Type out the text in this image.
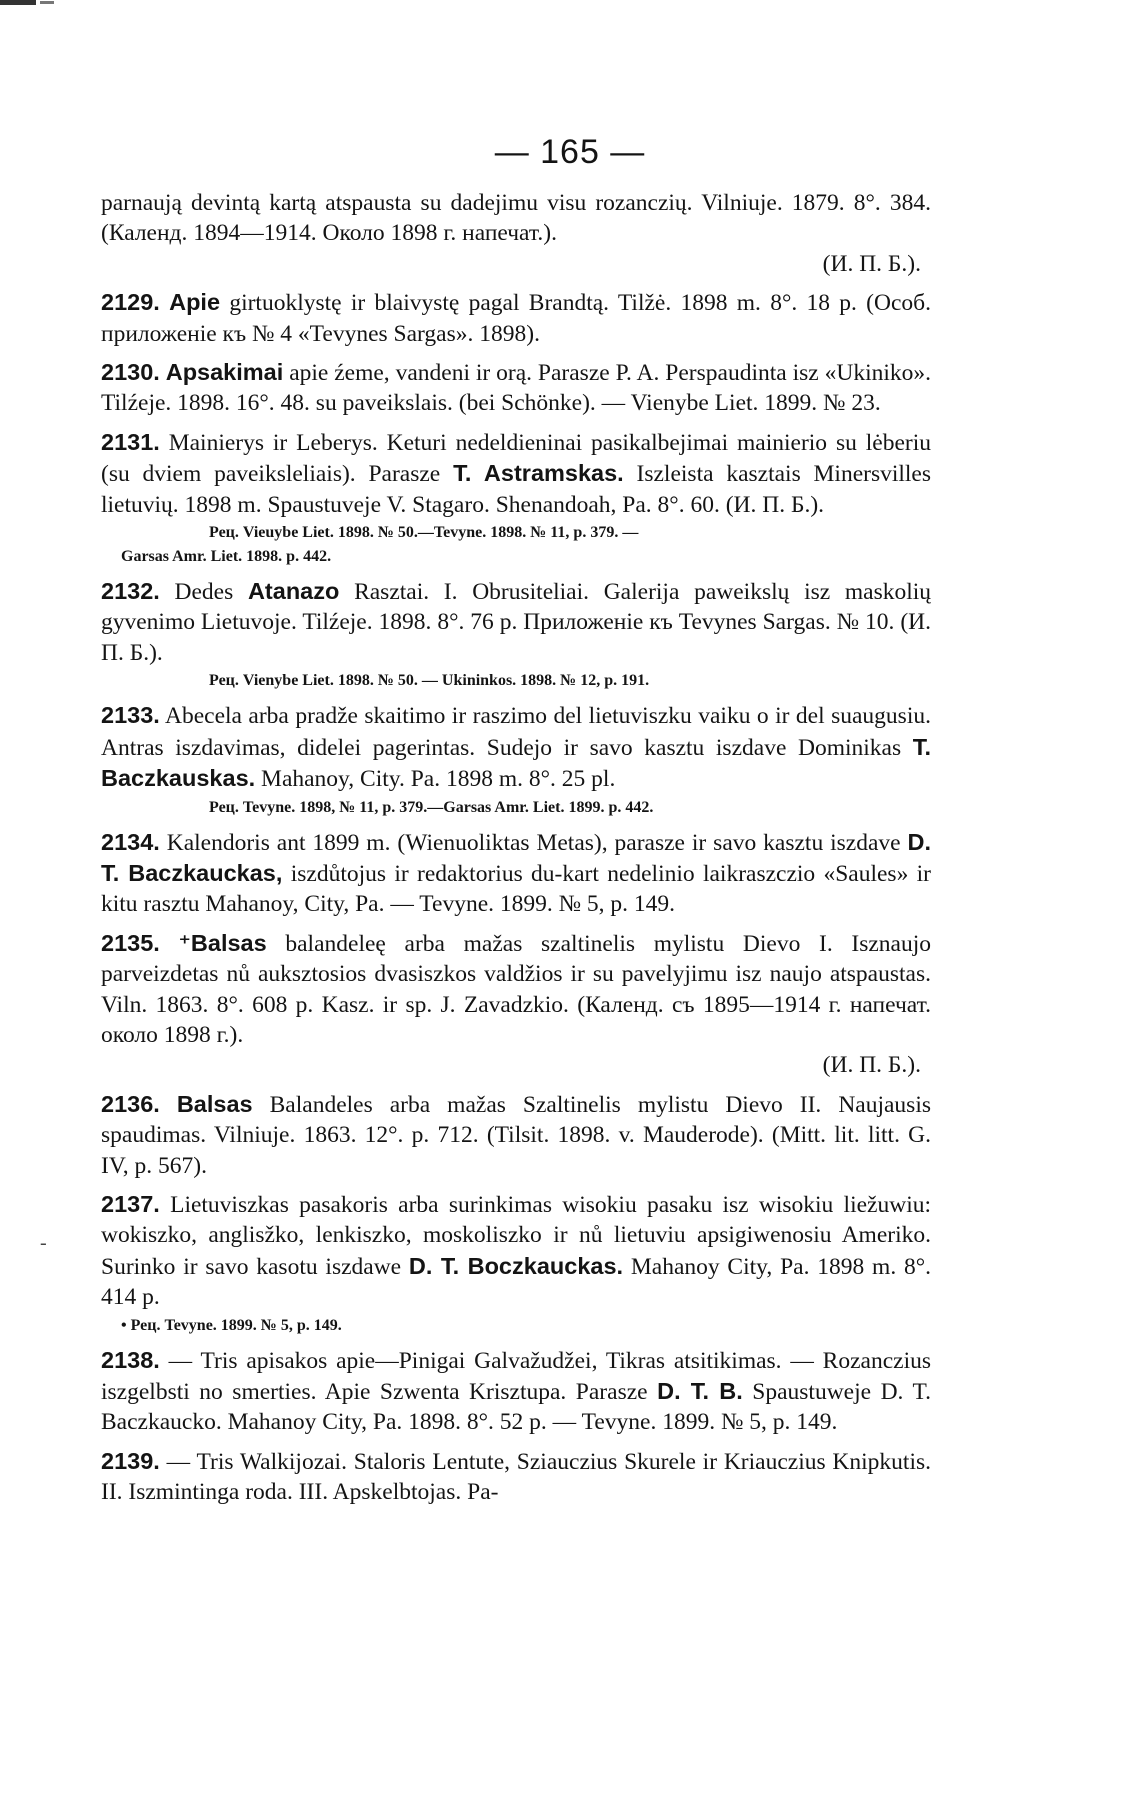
— 165 —
-

parnaują devintą kartą atspausta su dadejimu visu rozanczių. Vilniuje. 1879. 8°. 384. (Календ. 1894—1914. Около 1898 г. напечат.).
(И. П. Б.).

2129. Apie girtuoklystę ir blaivystę pagal Brandtą. Tilžė. 1898 m. 8°. 18 p. (Особ. приложеніе къ № 4 «Tevynes Sargas». 1898).

2130. Apsakimai apie źeme, vandeni ir orą. Parasze P. A. Perspaudinta isz «Ukiniko». Tilźeje. 1898. 16°. 48. su paveikslais. (bei Schönke). — Vienybe Liet. 1899. № 23.

2131. Mainierys ir Leberys. Keturi nedeldieninai pasikalbejimai mainierio su lėberiu (su dviem paveiksleliais). Parasze T. Astramskas. Iszleista kasztais Minersvilles lietuvių. 1898 m. Spaustuveje V. Stagaro. Shenandoah, Pa. 8°. 60. (И. П. Б.).
Рец. Vieuybe Liet. 1898. № 50.—Tevyne. 1898. № 11, p. 379. —
Garsas Amr. Liet. 1898. p. 442.

2132. Dedes Atanazo Rasztai. I. Obrusiteliai. Galerija paweikslų isz maskolių gyvenimo Lietuvoje. Tilźeje. 1898. 8°. 76 p. Приложеніе къ Tevynes Sargas. № 10. (И. П. Б.).
Рец. Vienybe Liet. 1898. № 50. — Ukininkos. 1898. № 12, p. 191.

2133. Abecela arba pradže skaitimo ir raszimo del lietuviszku vaiku o ir del suaugusiu. Antras iszdavimas, didelei pagerintas. Sudejo ir savo kasztu iszdave Dominikas T. Baczkauskas. Mahanoy, City. Pa. 1898 m. 8°. 25 pl.
Рец. Tevyne. 1898, № 11, p. 379.—Garsas Amr. Liet. 1899. p. 442.

2134. Kalendoris ant 1899 m. (Wienuoliktas Metas), parasze ir savo kasztu iszdave D. T. Baczkauckas, iszdůtojus ir redaktorius du-kart nedelinio laikraszczio «Saules» ir kitu rasztu Mahanoy, City, Pa. — Tevyne. 1899. № 5, p. 149.

2135. ⁺Balsas balandeleę arba mažas szaltinelis mylistu Dievo I. Isznaujo parveizdetas nů auksztosios dvasiszkos valdžios ir su pavelyjimu isz naujo atspaustas. Viln. 1863. 8°. 608 p. Kasz. ir sp. J. Zavadzkio. (Календ. съ 1895—1914 г. напечат. около 1898 г.).
(И. П. Б.).

2136. Balsas Balandeles arba mažas Szaltinelis mylistu Dievo II. Naujausis spaudimas. Vilniuje. 1863. 12°. p. 712. (Tilsit. 1898. v. Mauderode). (Mitt. lit. litt. G. IV, p. 567).

2137. Lietuviszkas pasakoris arba surinkimas wisokiu pasaku isz wisokiu liežuwiu: wokiszko, anglisžko, lenkiszko, moskoliszko ir nů lietuviu apsigiwenosiu Ameriko. Surinko ir savo kasotu iszdawe D. T. Boczkauckas. Mahanoy City, Pa. 1898 m. 8°. 414 p.
• Рец. Tevyne. 1899. № 5, p. 149.

2138. — Tris apisakos apie—Pinigai Galvažudžei, Tikras atsitikimas. — Rozanczius iszgelbsti no smerties. Apie Szwenta Krisztupa. Parasze D. T. B. Spaustuweje D. T. Baczkaucko. Mahanoy City, Pa. 1898. 8°. 52 p. — Tevyne. 1899. № 5, p. 149.

2139. — Tris Walkijozai. Staloris Lentute, Sziauczius Skurele ir Kriauczius Knipkutis. II. Iszmintinga roda. III. Apskelbtojas. Pa-
